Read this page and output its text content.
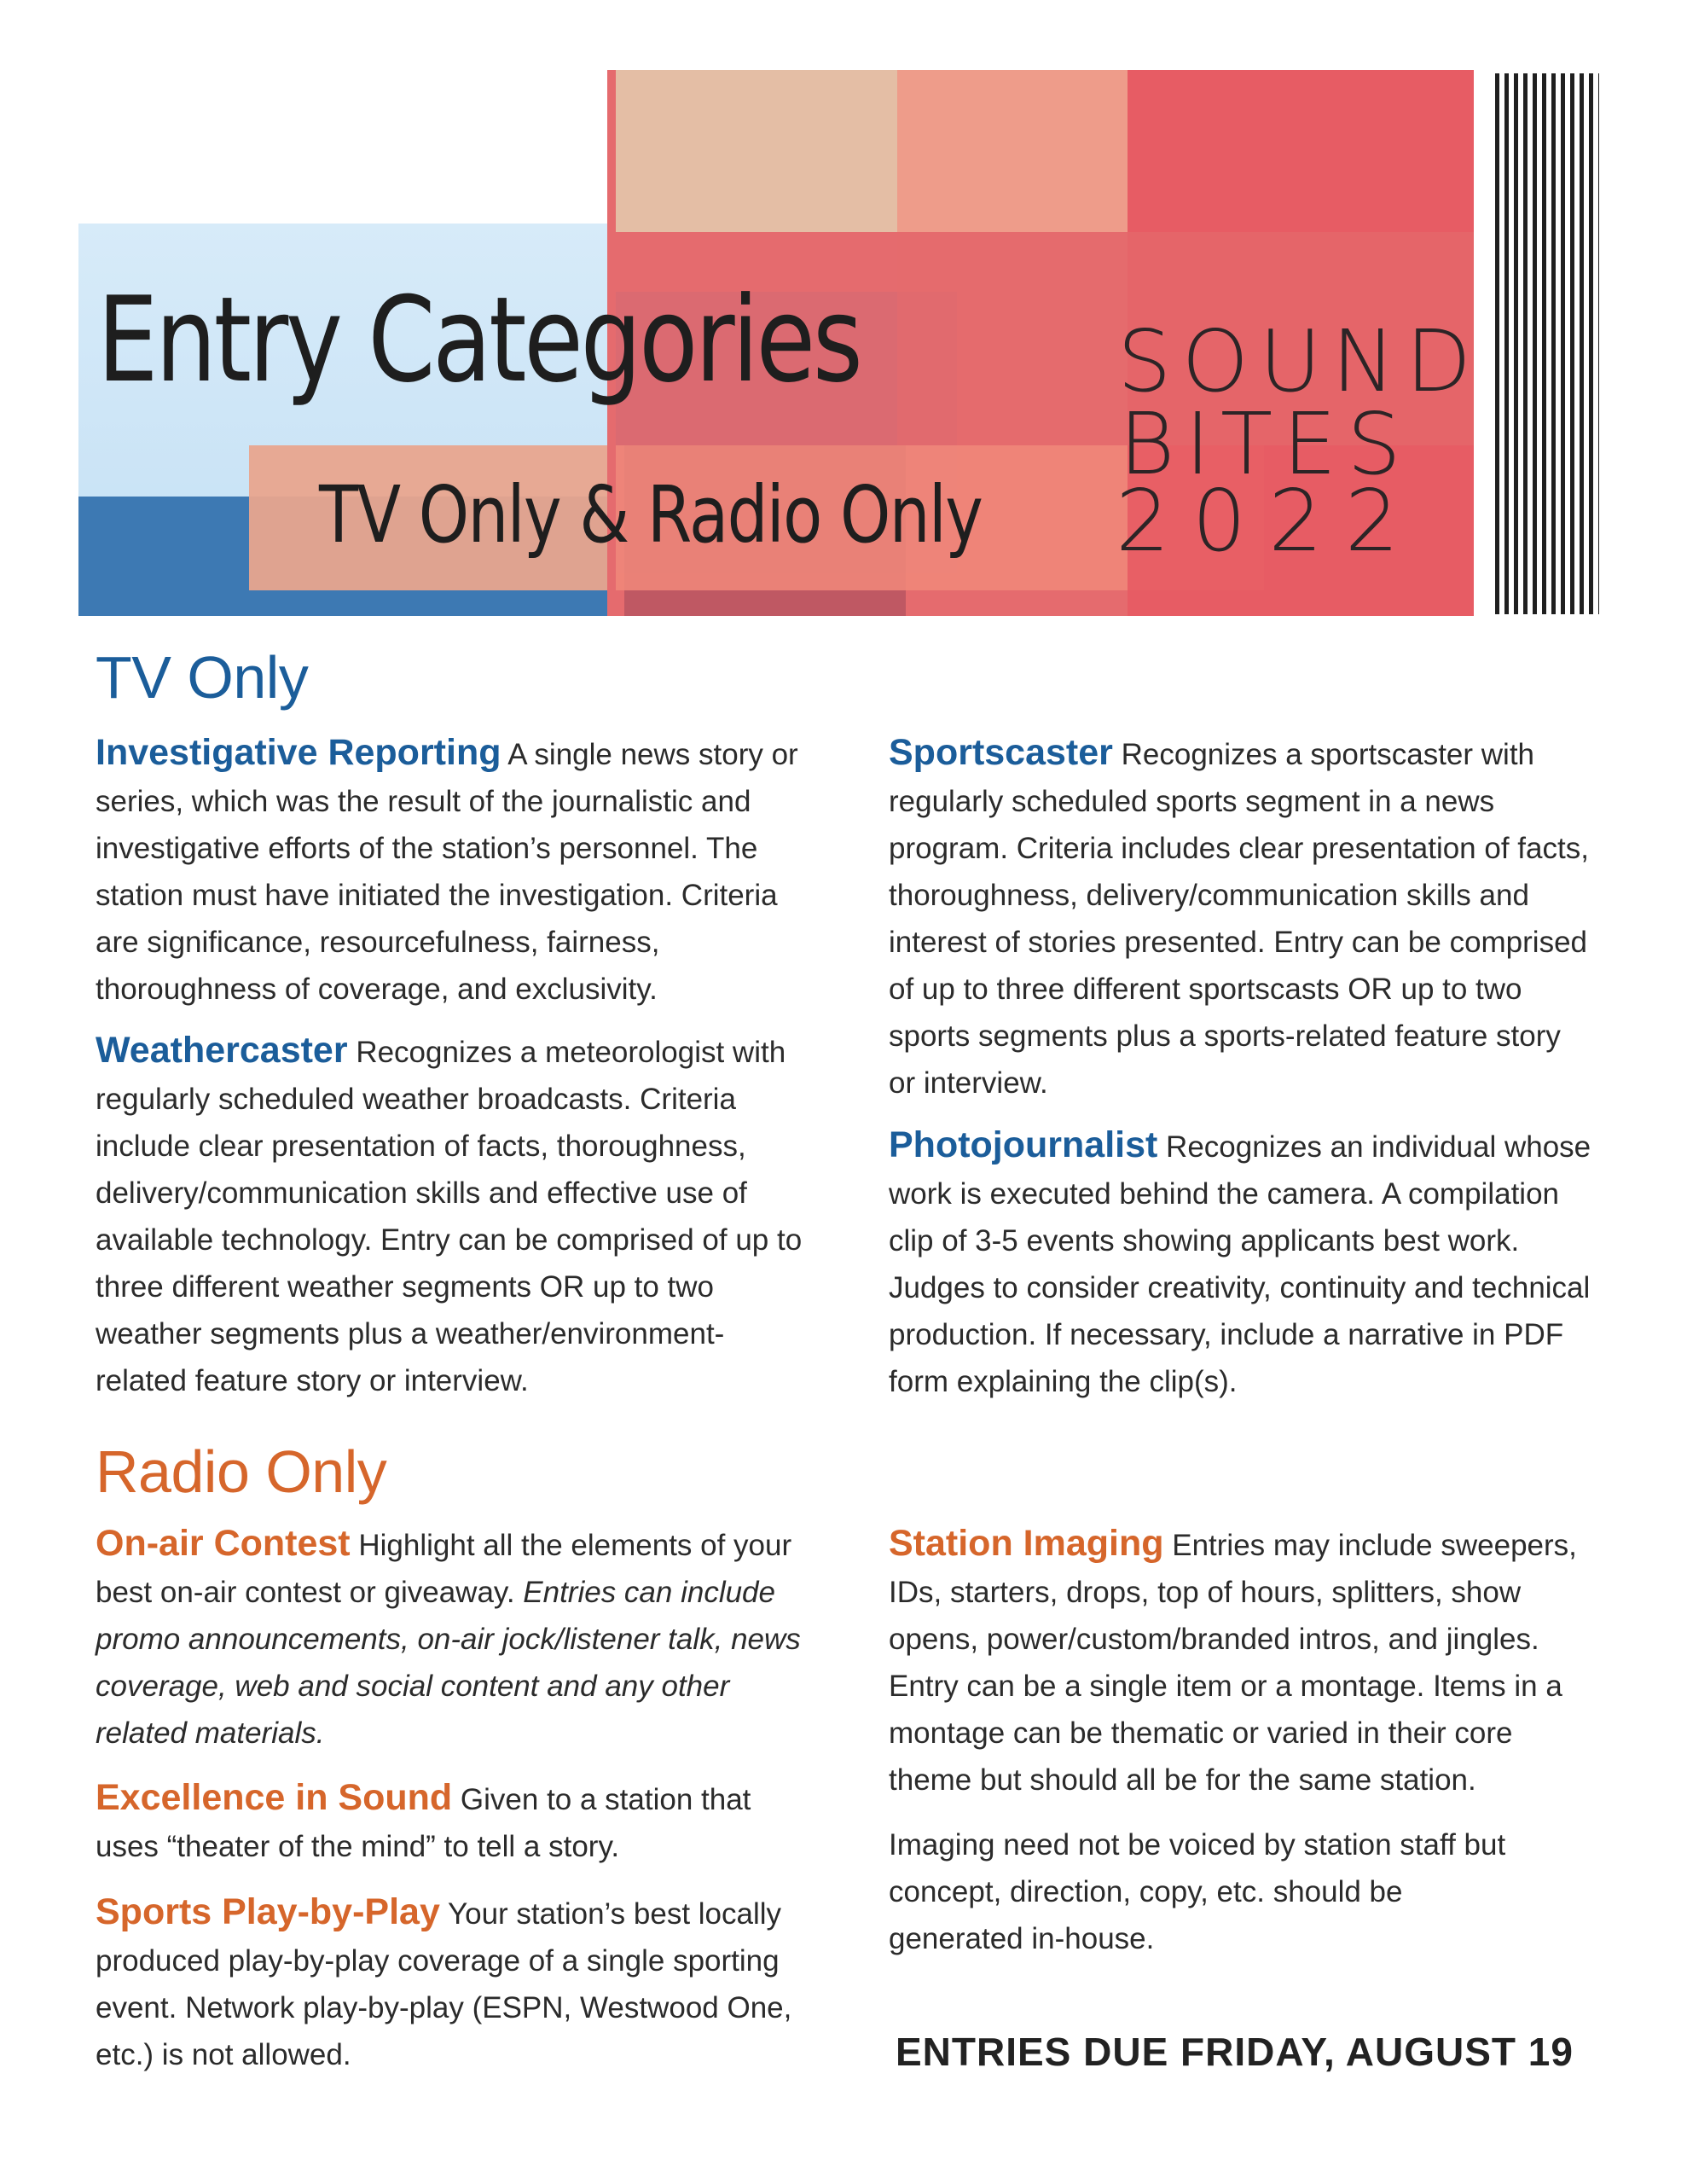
Entry Categories
TV Only & Radio Only
SOUND
BITES
2022
TV Only

Investigative Reporting A single news story or series, which was the result of the journalistic and investigative efforts of the station’s personnel. The station must have initiated the investigation. Criteria are significance, resourcefulness, fairness, thoroughness of coverage, and exclusivity.

Weathercaster Recognizes a meteorologist with regularly scheduled weather broadcasts. Criteria include clear presentation of facts, thoroughness, delivery/communication skills and effective use of available technology. Entry can be comprised of up to three different weather segments OR up to two weather segments plus a weather/environment-related feature story or interview.

Sportscaster Recognizes a sportscaster with regularly scheduled sports segment in a news program. Criteria includes clear presentation of facts, thoroughness, delivery/communication skills and interest of stories presented. Entry can be comprised of up to three different sportscasts OR up to two sports segments plus a sports-related feature story or interview.

Photojournalist Recognizes an individual whose work is executed behind the camera. A compilation clip of 3-5 events showing applicants best work. Judges to consider creativity, continuity and technical production. If necessary, include a narrative in PDF form explaining the clip(s).

Radio Only

On-air Contest Highlight all the elements of your best on-air contest or giveaway. Entries can include promo announcements, on-air jock/listener talk, news coverage, web and social content and any other related materials.

Excellence in Sound Given to a station that uses “theater of the mind” to tell a story.

Sports Play-by-Play Your station’s best locally produced play-by-play coverage of a single sporting event. Network play-by-play (ESPN, Westwood One, etc.) is not allowed.

Station Imaging Entries may include sweepers, IDs, starters, drops, top of hours, splitters, show opens, power/custom/branded intros, and jingles. Entry can be a single item or a montage. Items in a montage can be thematic or varied in their core theme but should all be for the same station.

Imaging need not be voiced by station staff but concept, direction, copy, etc. should be generated in-house.

ENTRIES DUE FRIDAY, AUGUST 19
